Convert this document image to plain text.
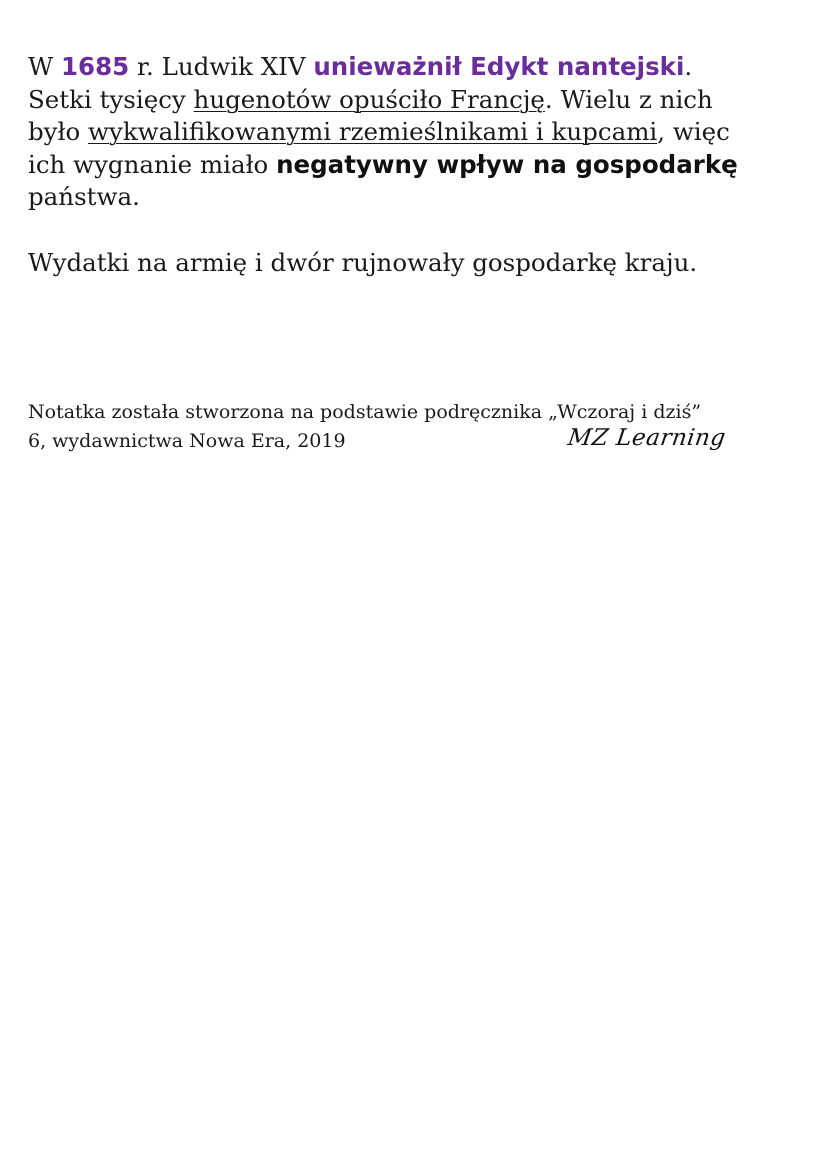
W 1685 r. Ludwik XIV unieważnił Edykt nantejski.
Setki tysięcy hugenotów opuściło Francję. Wielu z nich
było wykwalifikowanymi rzemieślnikami i kupcami, więc
ich wygnanie miało negatywny wpływ na gospodarkę
państwa.

Wydatki na armię i dwór rujnowały gospodarkę kraju.

Notatka została stworzona na podstawie podręcznika „Wczoraj i dziś”
6, wydawnictwa Nowa Era, 2019	MZ Learning
